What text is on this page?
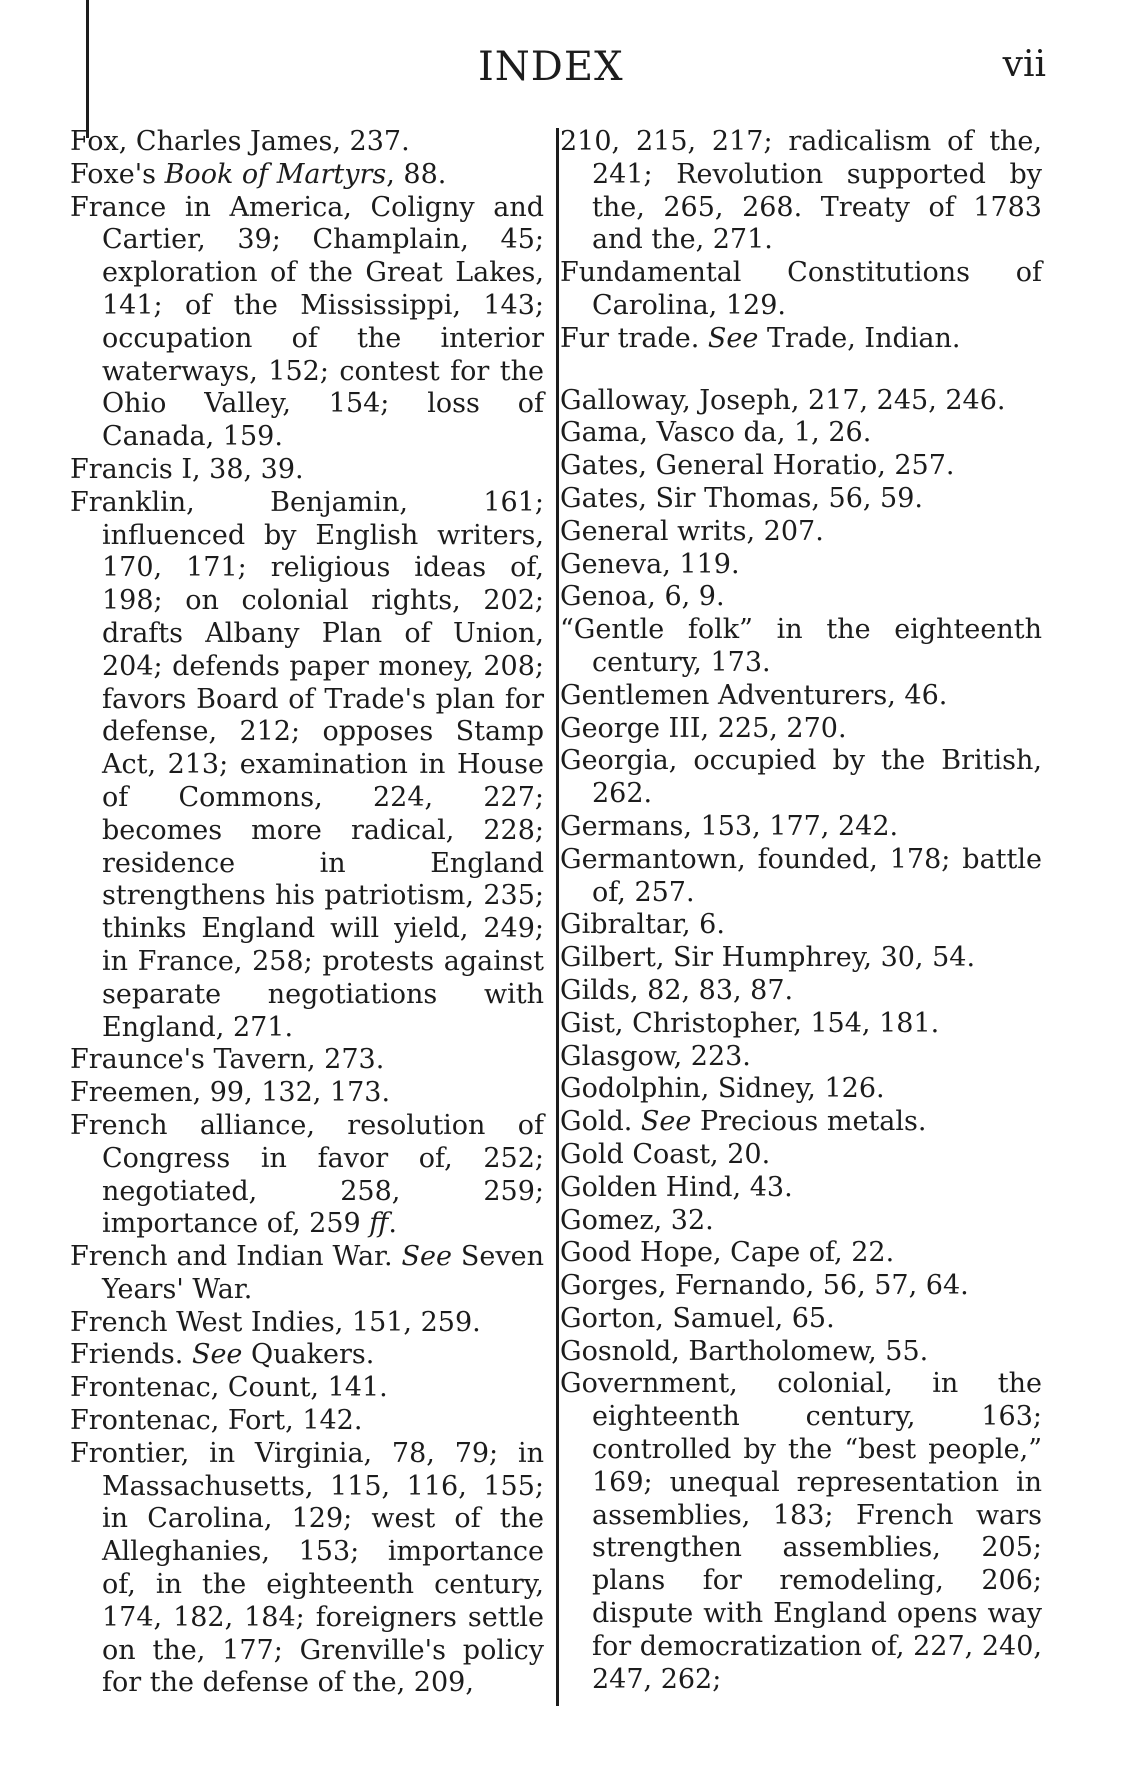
INDEX	vii
Fox, Charles James, 237.
Foxe's Book of Martyrs, 88.
France in America, Coligny and Cartier, 39; Champlain, 45; exploration of the Great Lakes, 141; of the Mississippi, 143; occupation of the interior waterways, 152; contest for the Ohio Valley, 154; loss of Canada, 159.
Francis I, 38, 39.
Franklin, Benjamin, 161; influenced by English writers, 170, 171; religious ideas of, 198; on colonial rights, 202; drafts Albany Plan of Union, 204; defends paper money, 208; favors Board of Trade's plan for defense, 212; opposes Stamp Act, 213; examination in House of Commons, 224, 227; becomes more radical, 228; residence in England strengthens his patriotism, 235; thinks England will yield, 249; in France, 258; protests against separate negotiations with England, 271.
Fraunce's Tavern, 273.
Freemen, 99, 132, 173.
French alliance, resolution of Congress in favor of, 252; negotiated, 258, 259; importance of, 259 ff.
French and Indian War. See Seven Years' War.
French West Indies, 151, 259.
Friends. See Quakers.
Frontenac, Count, 141.
Frontenac, Fort, 142.
Frontier, in Virginia, 78, 79; in Massachusetts, 115, 116, 155; in Carolina, 129; west of the Alleghanies, 153; importance of, in the eighteenth century, 174, 182, 184; foreigners settle on the, 177; Grenville's policy for the defense of the, 209,
210, 215, 217; radicalism of the, 241; Revolution supported by the, 265, 268. Treaty of 1783 and the, 271.
Fundamental Constitutions of Carolina, 129.
Fur trade. See Trade, Indian.
Galloway, Joseph, 217, 245, 246.
Gama, Vasco da, 1, 26.
Gates, General Horatio, 257.
Gates, Sir Thomas, 56, 59.
General writs, 207.
Geneva, 119.
Genoa, 6, 9.
“Gentle folk” in the eighteenth century, 173.
Gentlemen Adventurers, 46.
George III, 225, 270.
Georgia, occupied by the British, 262.
Germans, 153, 177, 242.
Germantown, founded, 178; battle of, 257.
Gibraltar, 6.
Gilbert, Sir Humphrey, 30, 54.
Gilds, 82, 83, 87.
Gist, Christopher, 154, 181.
Glasgow, 223.
Godolphin, Sidney, 126.
Gold. See Precious metals.
Gold Coast, 20.
Golden Hind, 43.
Gomez, 32.
Good Hope, Cape of, 22.
Gorges, Fernando, 56, 57, 64.
Gorton, Samuel, 65.
Gosnold, Bartholomew, 55.
Government, colonial, in the eighteenth century, 163; controlled by the “best people,” 169; unequal representation in assemblies, 183; French wars strengthen assemblies, 205; plans for remodeling, 206; dispute with England opens way for democratization of, 227, 240, 247, 262;
